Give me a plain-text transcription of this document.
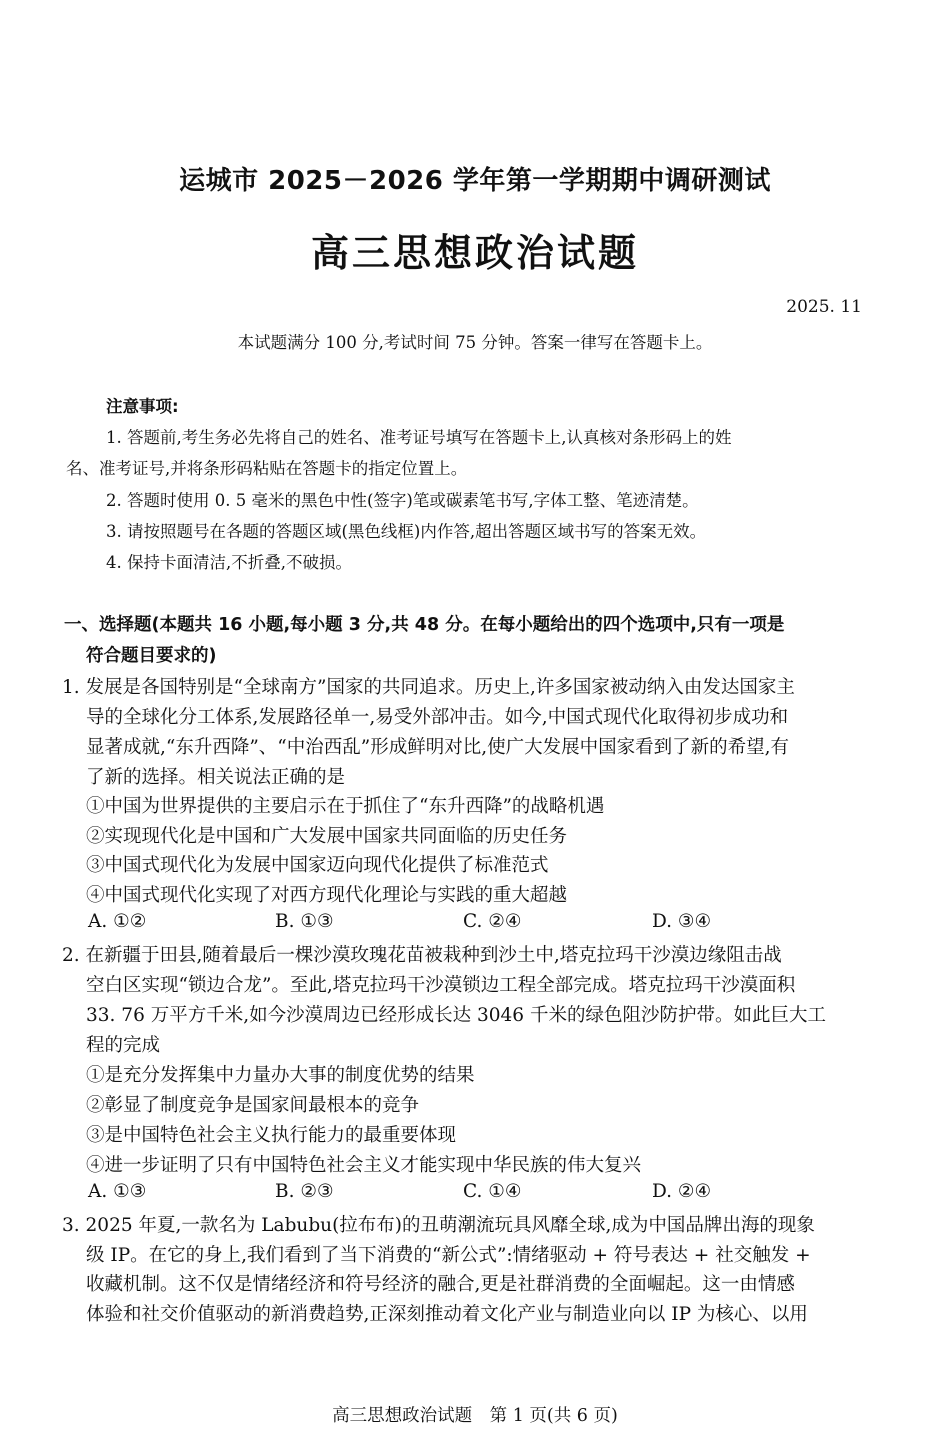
运城市 2025－2026 学年第一学期期中调研测试
高三思想政治试题
2025. 11
本试题满分 100 分,考试时间 75 分钟。答案一律写在答题卡上。
注意事项:
1. 答题前,考生务必先将自己的姓名、准考证号填写在答题卡上,认真核对条形码上的姓
名、准考证号,并将条形码粘贴在答题卡的指定位置上。
2. 答题时使用 0. 5 毫米的黑色中性(签字)笔或碳素笔书写,字体工整、笔迹清楚。
3. 请按照题号在各题的答题区域(黑色线框)内作答,超出答题区域书写的答案无效。
4. 保持卡面清洁,不折叠,不破损。
一、选择题(本题共 16 小题,每小题 3 分,共 48 分。在每小题给出的四个选项中,只有一项是
符合题目要求的)
1. 发展是各国特别是“全球南方”国家的共同追求。历史上,许多国家被动纳入由发达国家主
导的全球化分工体系,发展路径单一,易受外部冲击。如今,中国式现代化取得初步成功和
显著成就,“东升西降”、“中治西乱”形成鲜明对比,使广大发展中国家看到了新的希望,有
了新的选择。相关说法正确的是
①中国为世界提供的主要启示在于抓住了“东升西降”的战略机遇
②实现现代化是中国和广大发展中国家共同面临的历史任务
③中国式现代化为发展中国家迈向现代化提供了标准范式
④中国式现代化实现了对西方现代化理论与实践的重大超越
A. ①②	B. ①③	C. ②④	D. ③④
2. 在新疆于田县,随着最后一棵沙漠玫瑰花苗被栽种到沙土中,塔克拉玛干沙漠边缘阻击战
空白区实现“锁边合龙”。至此,塔克拉玛干沙漠锁边工程全部完成。塔克拉玛干沙漠面积
33. 76 万平方千米,如今沙漠周边已经形成长达 3046 千米的绿色阻沙防护带。如此巨大工
程的完成
①是充分发挥集中力量办大事的制度优势的结果
②彰显了制度竞争是国家间最根本的竞争
③是中国特色社会主义执行能力的最重要体现
④进一步证明了只有中国特色社会主义才能实现中华民族的伟大复兴
A. ①③	B. ②③	C. ①④	D. ②④
3. 2025 年夏,一款名为 Labubu(拉布布)的丑萌潮流玩具风靡全球,成为中国品牌出海的现象
级 IP。在它的身上,我们看到了当下消费的“新公式”:情绪驱动 + 符号表达 + 社交触发 +
收藏机制。这不仅是情绪经济和符号经济的融合,更是社群消费的全面崛起。这一由情感
体验和社交价值驱动的新消费趋势,正深刻推动着文化产业与制造业向以 IP 为核心、以用
高三思想政治试题　第 1 页(共 6 页)
